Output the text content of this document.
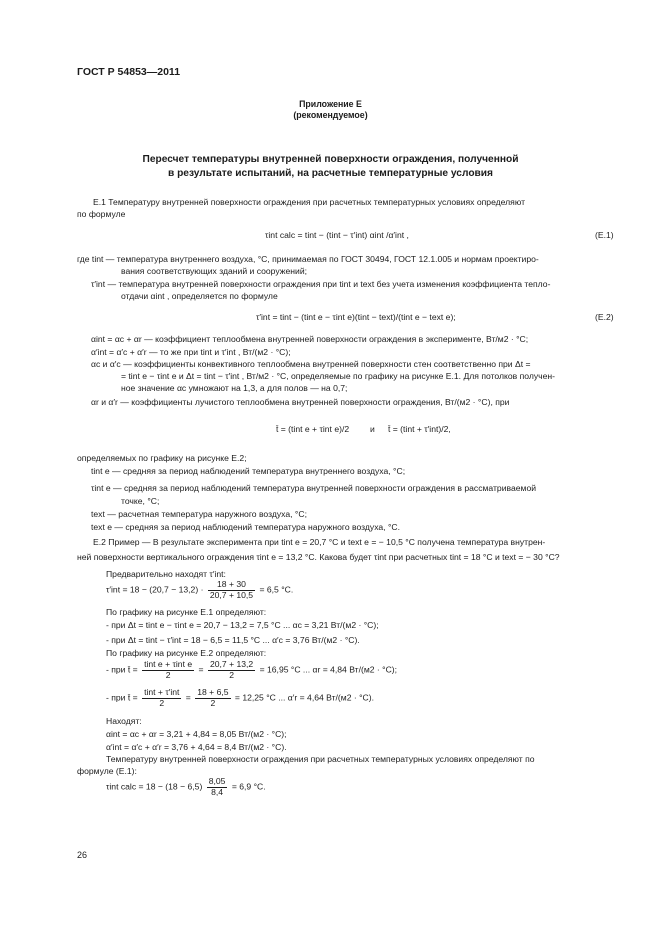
ГОСТ Р 54853—2011
Приложение Е
(рекомендуемое)
Пересчет температуры внутренней поверхности ограждения, полученной
в результате испытаний, на расчетные температурные условия
Е.1 Температуру внутренней поверхности ограждения при расчетных температурных условиях определяют
по формуле
τint calc = tint − (tint − τ′int) αint /α′int ,	(Е.1)
где tint — температура внутреннего воздуха, °С, принимаемая по ГОСТ 30494, ГОСТ 12.1.005 и нормам проектиро-
вания соответствующих зданий и сооружений;
τ′int — температура внутренней поверхности ограждения при tint и text без учета изменения коэффициента тепло-
отдачи αint , определяется по формуле
τ′int = tint − (tint e − τint e)(tint − text)/(tint e − text e);	(Е.2)
αint = αc + αr — коэффициент теплообмена внутренней поверхности ограждения в эксперименте, Вт/м2 · °С;
α′int = α′c + α′r — то же при tint и τ′int , Вт/(м2 · °С);
αc и α′c — коэффициенты конвективного теплообмена внутренней поверхности стен соответственно при Δt =
= tint e − τint e и Δt = tint − τ′int , Вт/м2 · °С, определяемые по графику на рисунке Е.1. Для потолков получен-
ное значение αc умножают на 1,3, а для полов — на 0,7;
αr и α′r — коэффициенты лучистого теплообмена внутренней поверхности ограждения, Вт/(м2 · °С), при
t̄ = (tint e + τint e)/2 и t̄ = (tint + τ′int)/2,
определяемых по графику на рисунке Е.2;
tint e — средняя за период наблюдений температура внутреннего воздуха, °С;
τint e — средняя за период наблюдений температура внутренней поверхности ограждения в рассматриваемой
точке, °С;
text — расчетная температура наружного воздуха, °С;
text e — средняя за период наблюдений температура наружного воздуха, °С.
Е.2 Пример — В результате эксперимента при tint e = 20,7 °С и text e = − 10,5 °С получена температура внутрен-
ней поверхности вертикального ограждения τint e = 13,2 °С. Какова будет τint при расчетных tint = 18 °С и text = − 30 °С?
Предварительно находят τ′int:
$\tau'int = 18 - (20,7 - 13,2) \cdot \frac{18 + 30}{20,7 + 10,5} = 6,5$ °С.
По графику на рисунке Е.1 определяют:
- при Δt = tint e − τint e = 20,7 − 13,2 = 7,5 °С ... αc = 3,21 Вт/(м2 · °С);
- при Δt = tint − τ′int = 18 − 6,5 = 11,5 °С ... α′c = 3,76 Вт/(м2 · °С).
По графику на рисунке Е.2 определяют:
- при t̄ = $\frac{\text{tint e + τint e}}{2} = \frac{20,7 + 13,2}{2} = 16,95$ °С ... αr = 4,84 Вт/(м2 · °С);
- при t̄ = $\frac{\text{tint + τ′int}}{2} = \frac{18 + 6,5}{2} = 12,25$ °С ... α′r = 4,64 Вт/(м2 · °С).
Находят:
αint = αc + αr = 3,21 + 4,84 = 8,05 Вт/(м2 · °С);
α′int = α′c + α′r = 3,76 + 4,64 = 8,4 Вт/(м2 · °С).
Температуру внутренней поверхности ограждения при расчетных температурных условиях определяют по
формуле (Е.1):
τint calc = $18 - (18 - 6,5) \frac{8,05}{8,4} = 6,9$ °С.
26
